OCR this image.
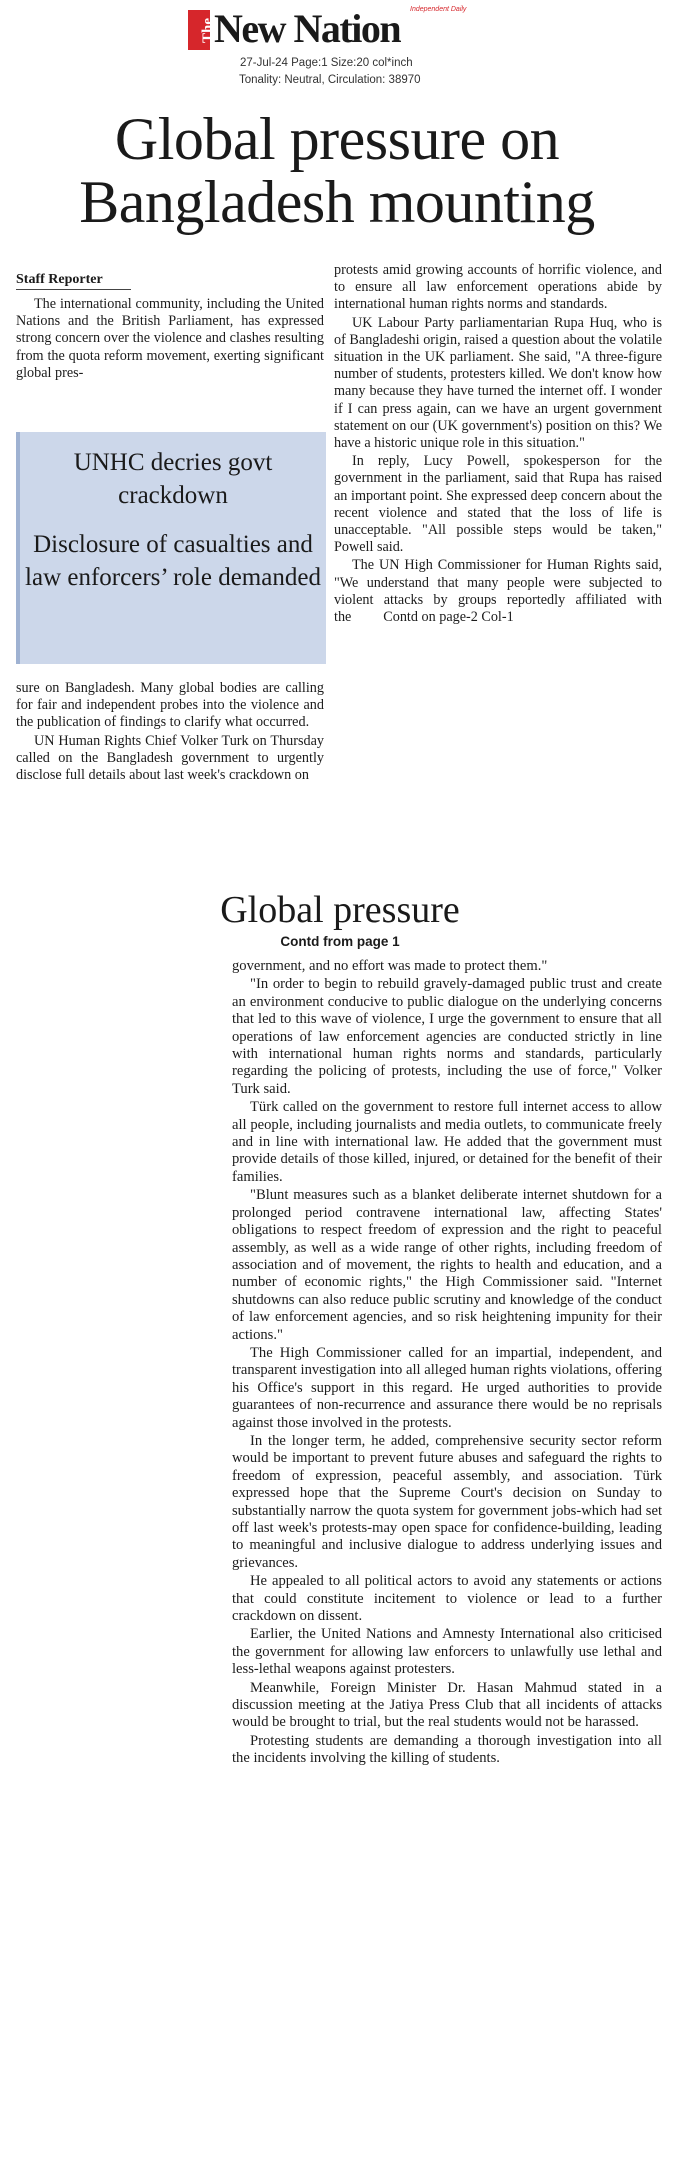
The
New Nation Independent Daily
27-Jul-24 Page:1 Size:20 col*inch
Tonality: Neutral, Circulation: 38970
Global pressure on
Bangladesh mounting
Staff Reporter

The international community, including the United Nations and the British Parliament, has expressed strong concern over the violence and clashes resulting from the quota reform movement, exerting significant global pres-

UNHC decries govt crackdown
Disclosure of casualties and law enforcers’ role demanded

sure on Bangladesh. Many global bodies are calling for fair and independent probes into the violence and the publication of findings to clarify what occurred.

UN Human Rights Chief Volker Turk on Thursday called on the Bangladesh government to urgently disclose full details about last week's crackdown on

protests amid growing accounts of horrific violence, and to ensure all law enforcement operations abide by international human rights norms and standards.

UK Labour Party parliamentarian Rupa Huq, who is of Bangladeshi origin, raised a question about the volatile situation in the UK parliament. She said, "A three-figure number of students, protesters killed. We don't know how many because they have turned the internet off. I wonder if I can press again, can we have an urgent government statement on our (UK government's) position on this? We have a historic unique role in this situation."

In reply, Lucy Powell, spokesperson for the government in the parliament, said that Rupa has raised an important point. She expressed deep concern about the recent violence and stated that the loss of life is unacceptable. "All possible steps would be taken," Powell said.

The UN High Commissioner for Human Rights said, "We understand that many people were subjected to violent attacks by groups reportedly affiliated with the Contd on page-2 Col-1

Global pressure
Contd from page 1

government, and no effort was made to protect them."

"In order to begin to rebuild gravely-damaged public trust and create an environment conducive to public dialogue on the underlying concerns that led to this wave of violence, I urge the government to ensure that all operations of law enforcement agencies are conducted strictly in line with international human rights norms and standards, particularly regarding the policing of protests, including the use of force," Volker Turk said.

Türk called on the government to restore full internet access to allow all people, including journalists and media outlets, to communicate freely and in line with international law. He added that the government must provide details of those killed, injured, or detained for the benefit of their families.

"Blunt measures such as a blanket deliberate internet shutdown for a prolonged period contravene international law, affecting States' obligations to respect freedom of expression and the right to peaceful assembly, as well as a wide range of other rights, including freedom of association and of movement, the rights to health and education, and a number of economic rights," the High Commissioner said. "Internet shutdowns can also reduce public scrutiny and knowledge of the conduct of law enforcement agencies, and so risk heightening impunity for their actions."

The High Commissioner called for an impartial, independent, and transparent investigation into all alleged human rights violations, offering his Office's support in this regard. He urged authorities to provide guarantees of non-recurrence and assurance there would be no reprisals against those involved in the protests.

In the longer term, he added, comprehensive security sector reform would be important to prevent future abuses and safeguard the rights to freedom of expression, peaceful assembly, and association. Türk expressed hope that the Supreme Court's decision on Sunday to substantially narrow the quota system for government jobs-which had set off last week's protests-may open space for confidence-building, leading to meaningful and inclusive dialogue to address underlying issues and grievances.

He appealed to all political actors to avoid any statements or actions that could constitute incitement to violence or lead to a further crackdown on dissent.

Earlier, the United Nations and Amnesty International also criticised the government for allowing law enforcers to unlawfully use lethal and less-lethal weapons against protesters.

Meanwhile, Foreign Minister Dr. Hasan Mahmud stated in a discussion meeting at the Jatiya Press Club that all incidents of attacks would be brought to trial, but the real students would not be harassed.

Protesting students are demanding a thorough investigation into all the incidents involving the killing of students.
